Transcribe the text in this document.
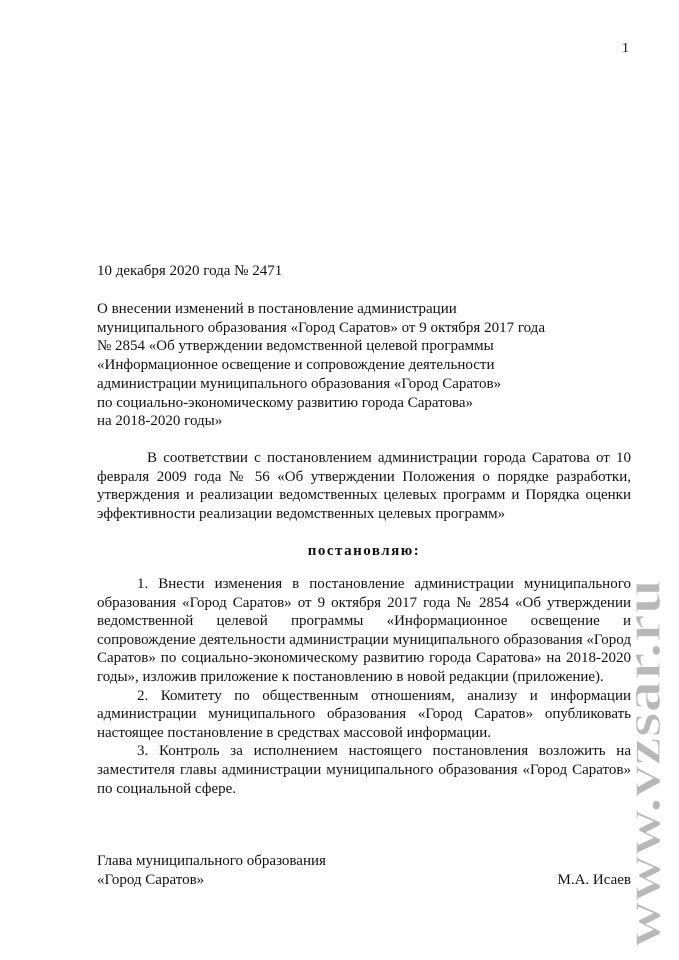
1
10 декабря 2020 года № 2471
О внесении изменений в постановление администрации
муниципального образования «Город Саратов» от 9 октября 2017 года
№ 2854 «Об утверждении ведомственной целевой программы
«Информационное освещение и сопровождение деятельности
администрации муниципального образования «Город Саратов»
по социально-экономическому развитию города Саратова»
на 2018-2020 годы»
В соответствии с постановлением администрации города Саратова от 10 февраля 2009 года № 56 «Об утверждении Положения о порядке разработки, утверждения и реализации ведомственных целевых программ и Порядка оценки эффективности реализации ведомственных целевых программ»
постановляю:

1. Внести изменения в постановление администрации муниципального образования «Город Саратов» от 9 октября 2017 года № 2854 «Об утверждении ведомственной целевой программы «Информационное освещение и сопровождение деятельности администрации муниципального образования «Город Саратов» по социально-экономическому развитию города Саратова» на 2018-2020 годы», изложив приложение к постановлению в новой редакции (приложение).

2. Комитету по общественным отношениям, анализу и информации администрации муниципального образования «Город Саратов» опубликовать настоящее постановление в средствах массовой информации.

3. Контроль за исполнением настоящего постановления возложить на заместителя главы администрации муниципального образования «Город Саратов» по социальной сфере.

Глава муниципального образования
«Город Саратов»	М.А. Исаев
www.vzsar.ru
